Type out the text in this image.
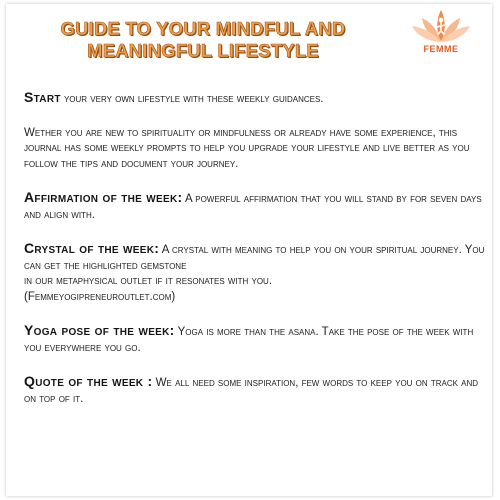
GUIDE TO YOUR MINDFUL AND
MEANINGFUL LIFESTYLE	FEMME

Start your very own lifestyle with these weekly guidances.

Wether you are new to spirituality or mindfulness or already have some experience, this journal has some weekly prompts to help you upgrade your lifestyle and live better as you follow the tips and document your journey.

Affirmation of the week: A powerful affirmation that you will stand by for seven days and align with.

Crystal of the week: A crystal with meaning to help you on your spiritual journey. You can get the highlighted gemstone
in our metaphysical outlet if it resonates with you.
(Femmeyogipreneuroutlet.com)

Yoga pose of the week: Yoga is more than the asana. Take the pose of the week with you everywhere you go.

Quote of the week : We all need some inspiration, few words to keep you on track and on top of it.
